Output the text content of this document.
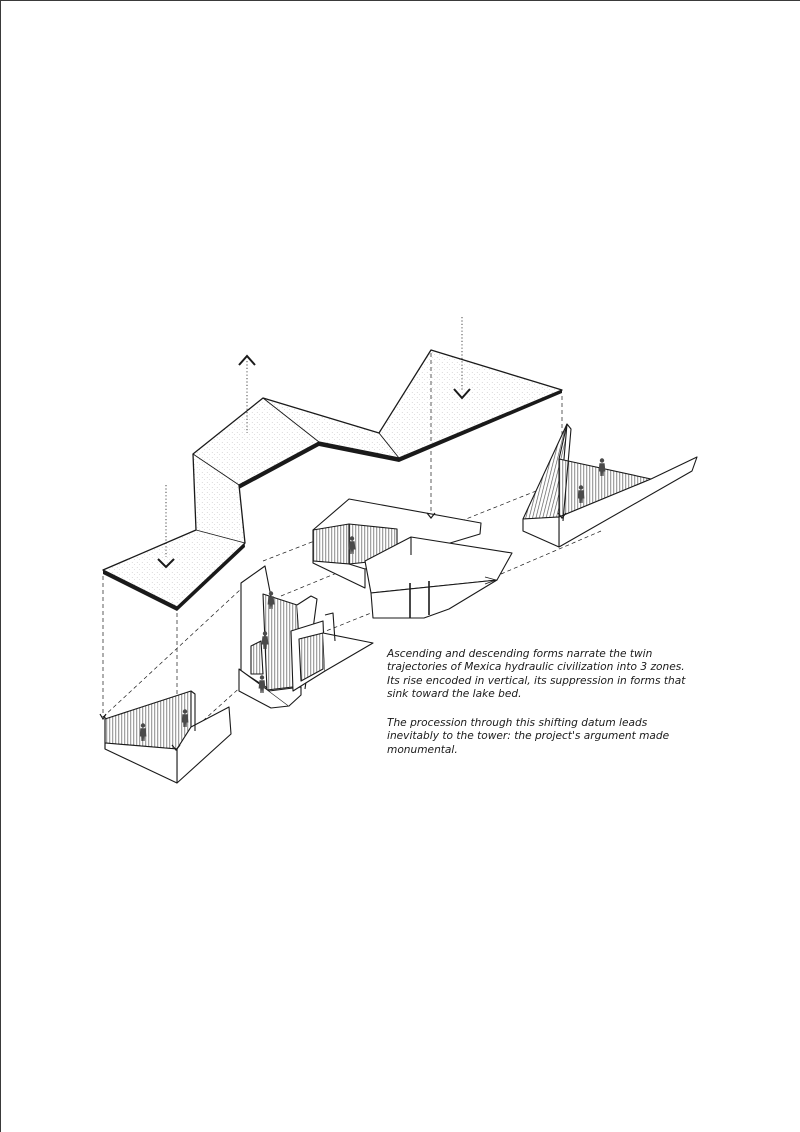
Ascending and descending forms narrate the twin trajectories of Mexica hydraulic civilization into 3 zones. Its rise encoded in vertical, its suppression in forms that sink toward the lake bed.

The procession through this shifting datum leads inevitably to the tower: the project's argument made monumental.
